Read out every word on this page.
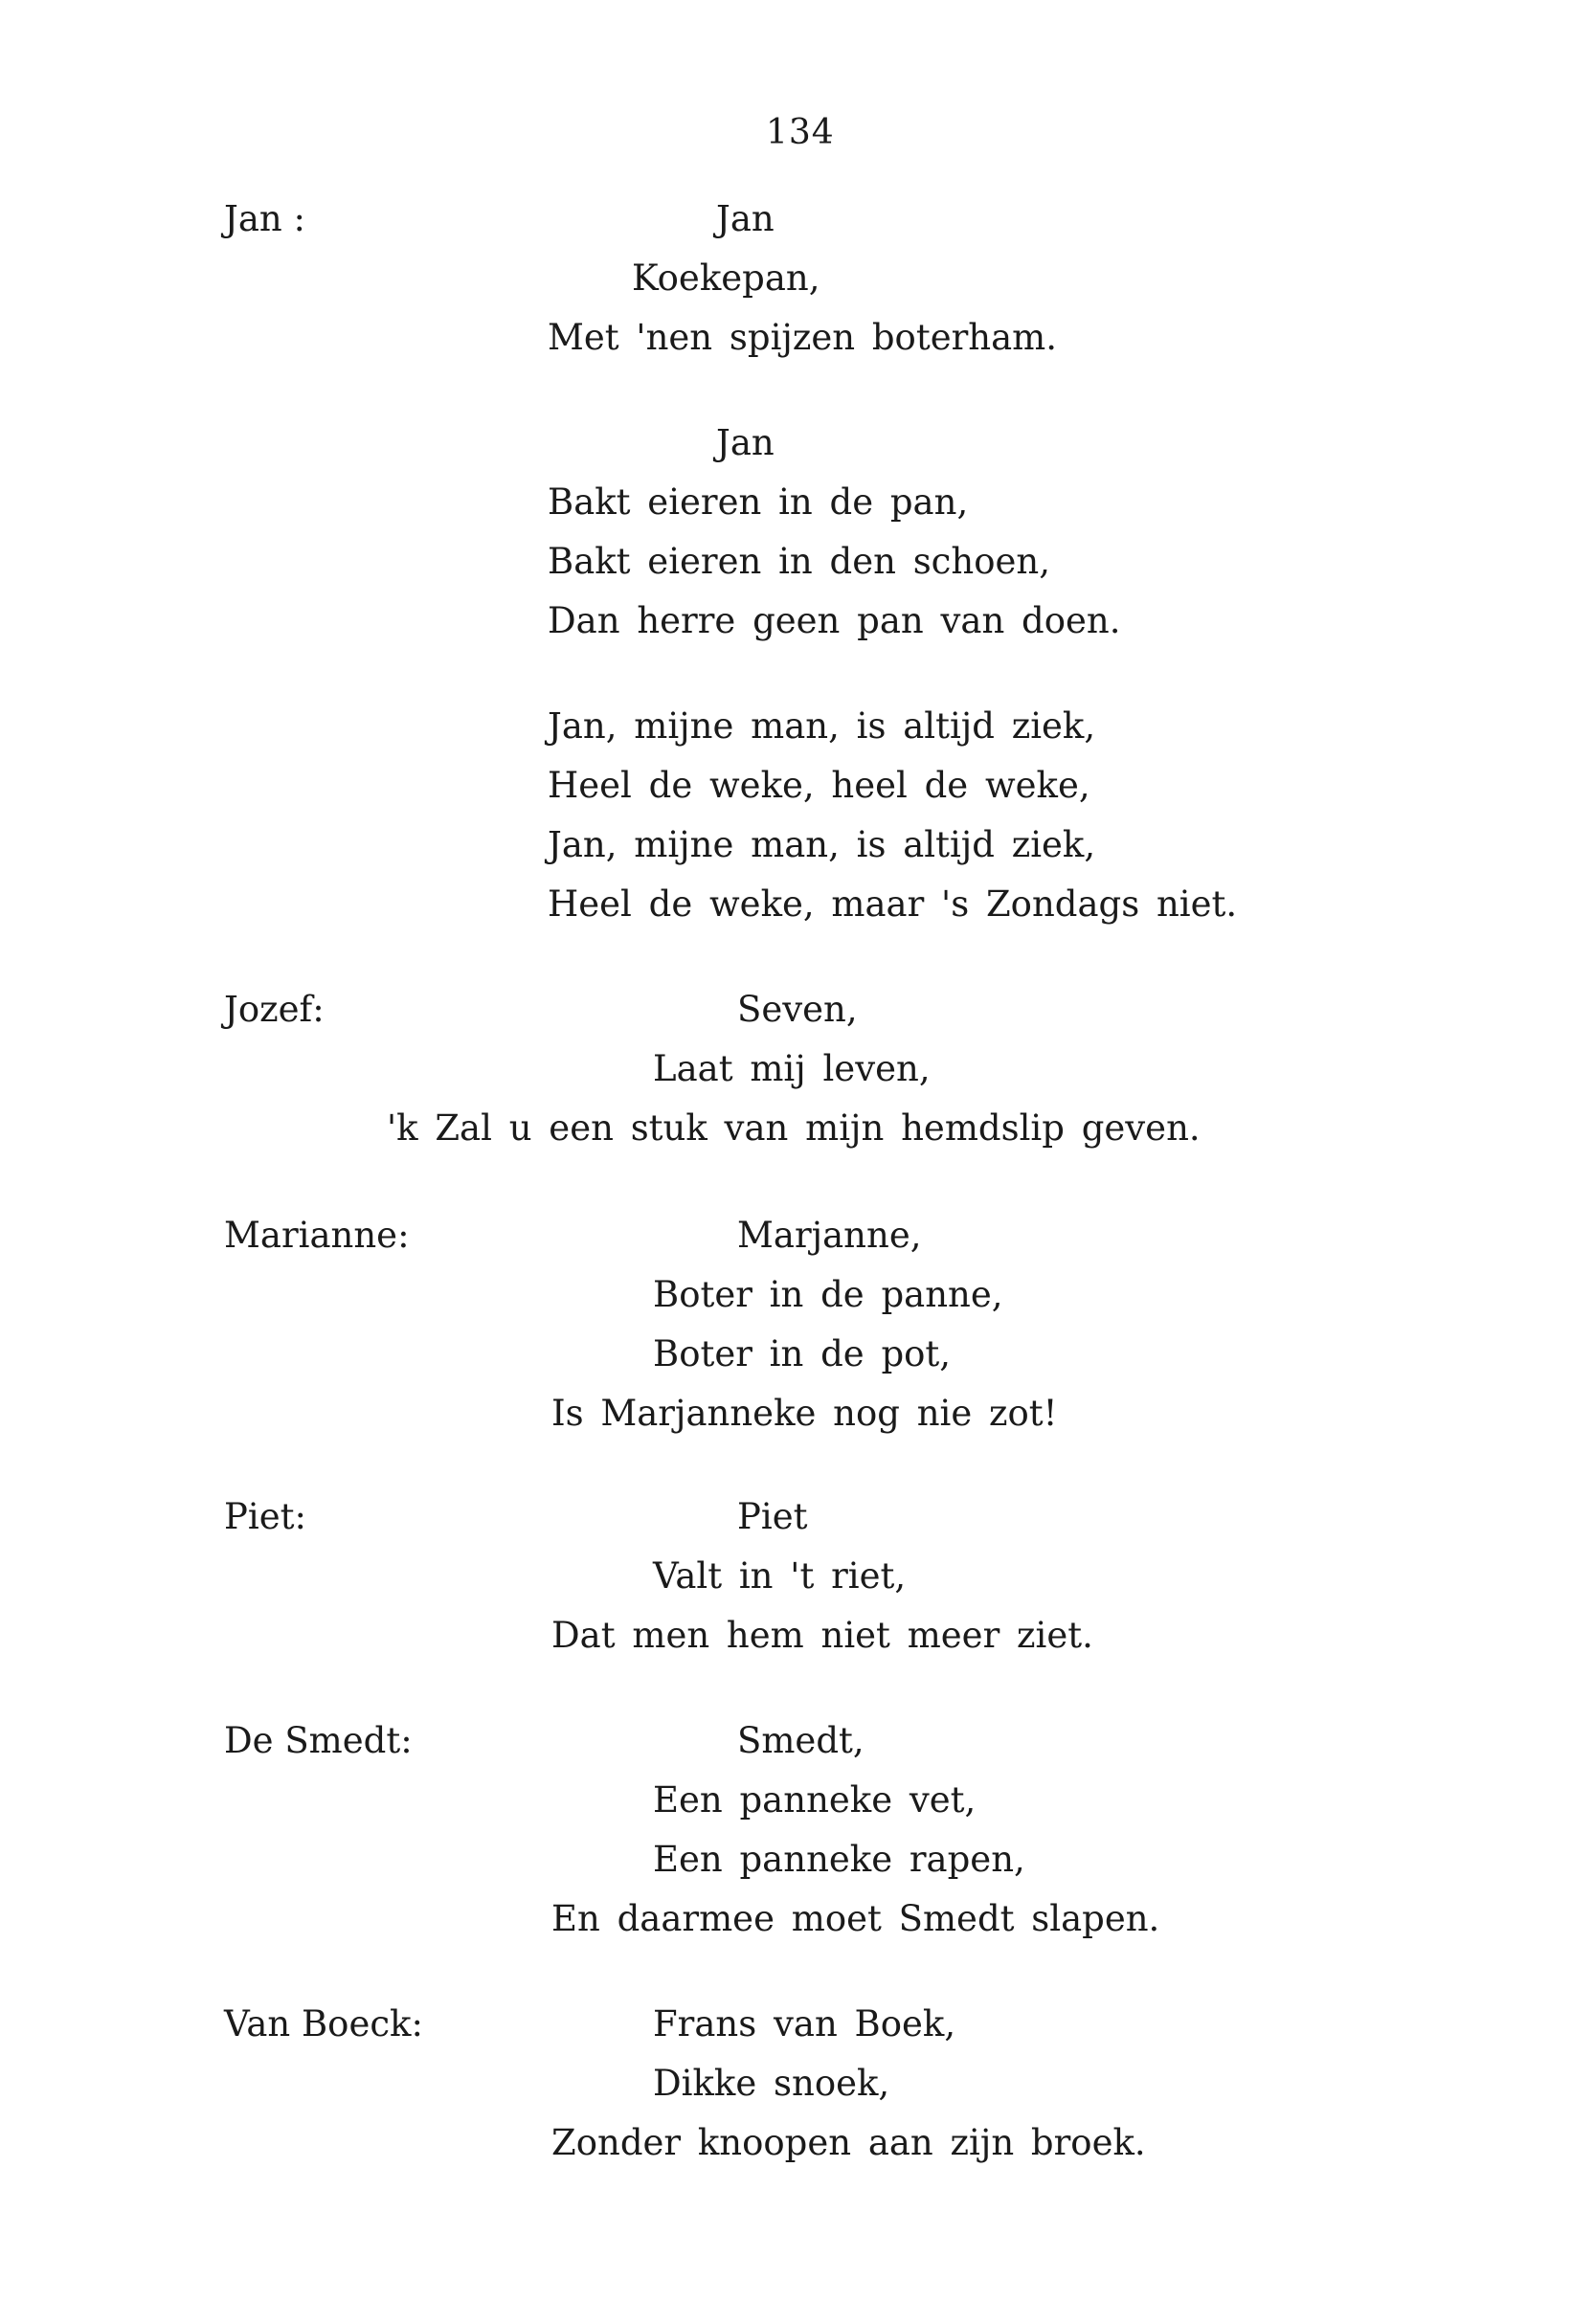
134
Jan :	Jan
Koekepan,
Met 'nen spijzen boterham.
Jan
Bakt eieren in de pan,
Bakt eieren in den schoen,
Dan herre geen pan van doen.
Jan, mijne man, is altijd ziek,
Heel de weke, heel de weke,
Jan, mijne man, is altijd ziek,
Heel de weke, maar 's Zondags niet.
Jozef:	Seven,
Laat mij leven,
'k Zal u een stuk van mijn hemdslip geven.
Marianne:	Marjanne,
Boter in de panne,
Boter in de pot,
Is Marjanneke nog nie zot!
Piet:	Piet
Valt in 't riet,
Dat men hem niet meer ziet.
De Smedt:	Smedt,
Een panneke vet,
Een panneke rapen,
En daarmee moet Smedt slapen.
Van Boeck:	Frans van Boek,
Dikke snoek,
Zonder knoopen aan zijn broek.
